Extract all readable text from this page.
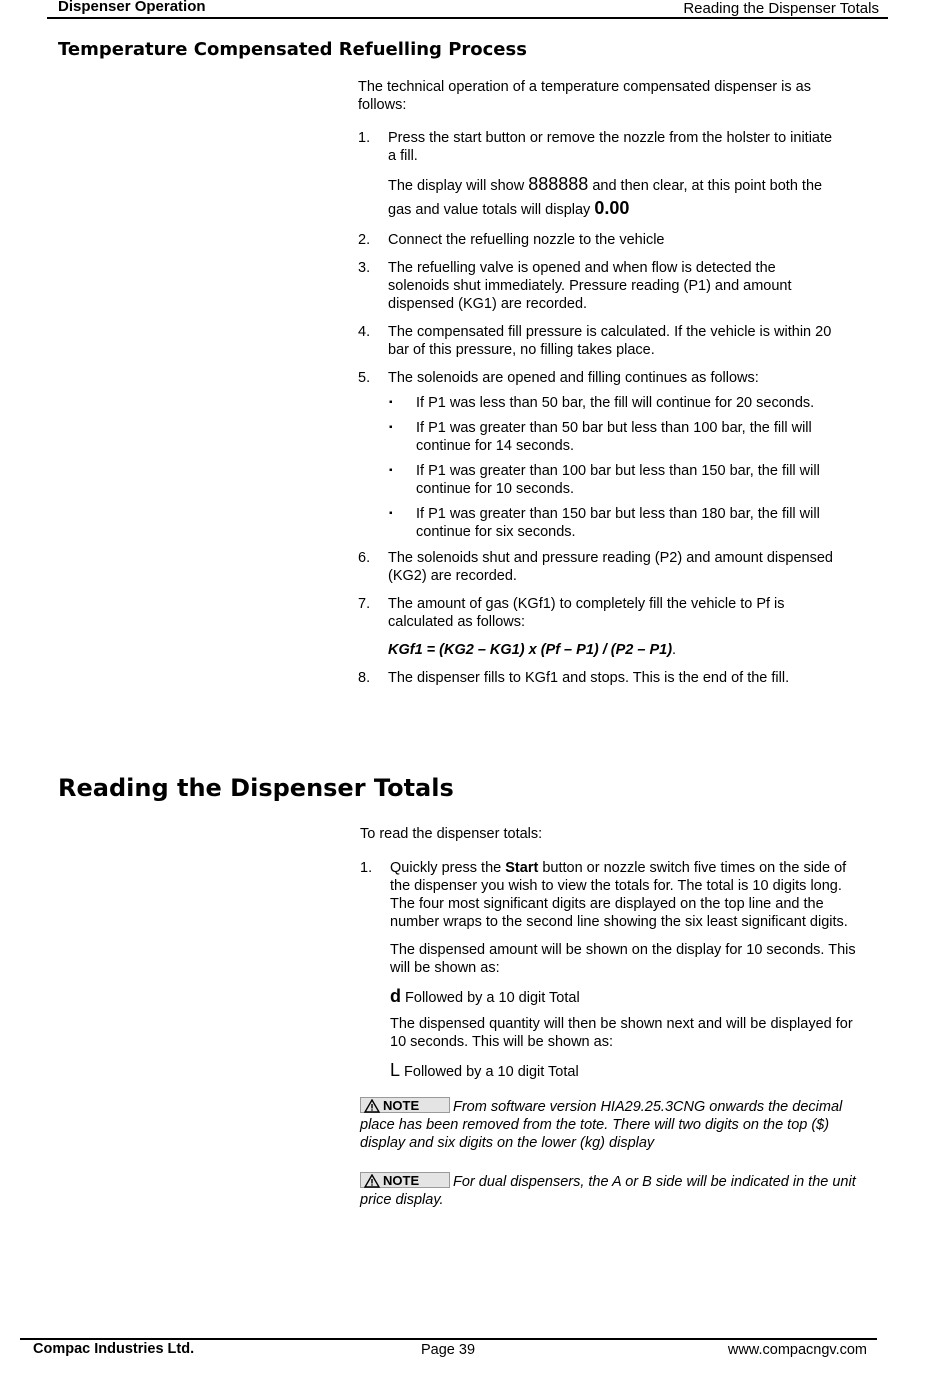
Dispenser Operation	Reading the Dispenser Totals
Temperature Compensated Refuelling Process

The technical operation of a temperature compensated dispenser is as follows:

1. Press the start button or remove the nozzle from the holster to initiate a fill.
The display will show 888888 and then clear, at this point both the gas and value totals will display 0.00
2. Connect the refuelling nozzle to the vehicle
3. The refuelling valve is opened and when flow is detected the solenoids shut immediately. Pressure reading (P1) and amount dispensed (KG1) are recorded.
4. The compensated fill pressure is calculated. If the vehicle is within 20 bar of this pressure, no filling takes place.
5. The solenoids are opened and filling continues as follows:
▪ If P1 was less than 50 bar, the fill will continue for 20 seconds.
▪ If P1 was greater than 50 bar but less than 100 bar, the fill will continue for 14 seconds.
▪ If P1 was greater than 100 bar but less than 150 bar, the fill will continue for 10 seconds.
▪ If P1 was greater than 150 bar but less than 180 bar, the fill will continue for six seconds.
6. The solenoids shut and pressure reading (P2) and amount dispensed (KG2) are recorded.
7. The amount of gas (KGf1) to completely fill the vehicle to Pf is calculated as follows:
KGf1 = (KG2 – KG1) x (Pf – P1) / (P2 – P1).
8. The dispenser fills to KGf1 and stops. This is the end of the fill.
Reading the Dispenser Totals

To read the dispenser totals:

1. Quickly press the Start button or nozzle switch five times on the side of the dispenser you wish to view the totals for. The total is 10 digits long. The four most significant digits are displayed on the top line and the number wraps to the second line showing the six least significant digits.
The dispensed amount will be shown on the display for 10 seconds. This will be shown as:
d Followed by a 10 digit Total
The dispensed quantity will then be shown next and will be displayed for 10 seconds. This will be shown as:
L Followed by a 10 digit Total
NOTE From software version HIA29.25.3CNG onwards the decimal place has been removed from the tote. There will two digits on the top ($) display and six digits on the lower (kg) display
NOTE For dual dispensers, the A or B side will be indicated in the unit price display.
Compac Industries Ltd.	Page 39	www.compacngv.com
